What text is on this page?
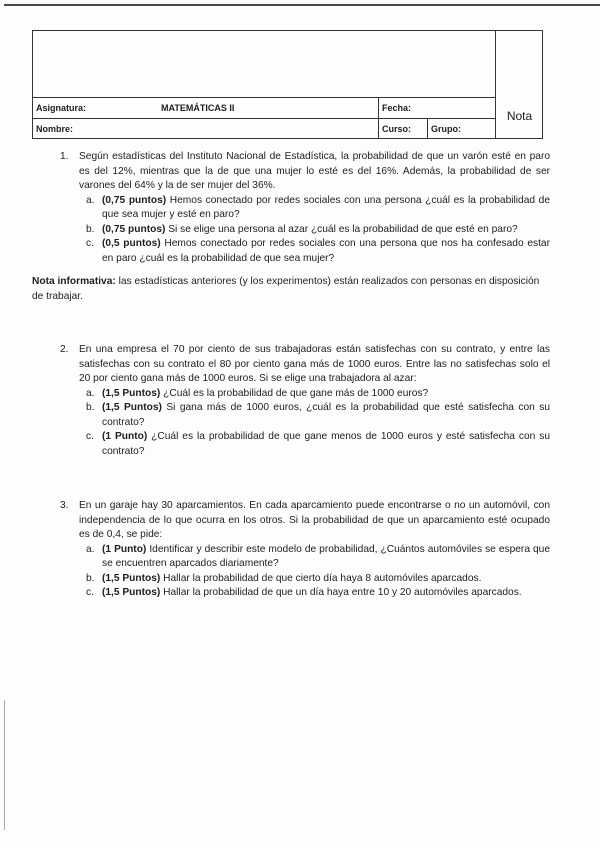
Nota
Asignatura:	MATEMÁTICAS II	Fecha:
Nombre:	Curso:	Grupo:
1. Según estadísticas del Instituto Nacional de Estadística, la probabilidad de que un varón esté en paro es del 12%, mientras que la de que una mujer lo esté es del 16%. Además, la probabilidad de ser varones del 64% y la de ser mujer del 36%.
a. (0,75 puntos) Hemos conectado por redes sociales con una persona ¿cuál es la probabilidad de que sea mujer y esté en paro?
b. (0,75 puntos) Si se elige una persona al azar ¿cuál es la probabilidad de que esté en paro?
c. (0,5 puntos) Hemos conectado por redes sociales con una persona que nos ha confesado estar en paro ¿cuál es la probabilidad de que sea mujer?
Nota informativa: las estadísticas anteriores (y los experimentos) están realizados con personas en disposición de trabajar.
2. En una empresa el 70 por ciento de sus trabajadoras están satisfechas con su contrato, y entre las satisfechas con su contrato el 80 por ciento gana más de 1000 euros. Entre las no satisfechas solo el 20 por ciento gana más de 1000 euros. Si se elige una trabajadora al azar:
a. (1,5 Puntos) ¿Cuál es la probabilidad de que gane más de 1000 euros?
b. (1,5 Puntos) Si gana más de 1000 euros, ¿cuál es la probabilidad que esté satisfecha con su contrato?
c. (1 Punto) ¿Cuál es la probabilidad de que gane menos de 1000 euros y esté satisfecha con su contrato?
3. En un garaje hay 30 aparcamientos. En cada aparcamiento puede encontrarse o no un automóvil, con independencia de lo que ocurra en los otros. Si la probabilidad de que un aparcamiento esté ocupado es de 0,4, se pide:
a. (1 Punto) Identificar y describir este modelo de probabilidad, ¿Cuántos automóviles se espera que se encuentren aparcados diariamente?
b. (1,5 Puntos) Hallar la probabilidad de que cierto día haya 8 automóviles aparcados.
c. (1,5 Puntos) Hallar la probabilidad de que un día haya entre 10 y 20 automóviles aparcados.
